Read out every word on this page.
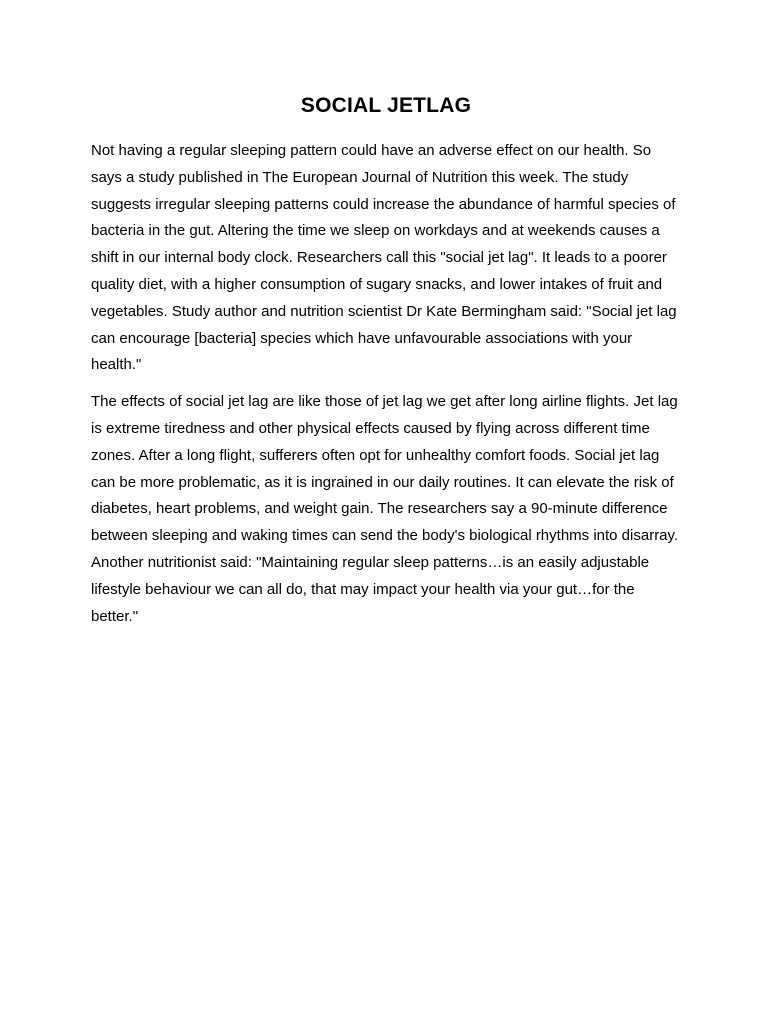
SOCIAL JETLAG

Not having a regular sleeping pattern could have an adverse effect on our health. So says a study published in The European Journal of Nutrition this week. The study suggests irregular sleeping patterns could increase the abundance of harmful species of bacteria in the gut. Altering the time we sleep on workdays and at weekends causes a shift in our internal body clock. Researchers call this "social jet lag". It leads to a poorer quality diet, with a higher consumption of sugary snacks, and lower intakes of fruit and vegetables. Study author and nutrition scientist Dr Kate Bermingham said: "Social jet lag can encourage [bacteria] species which have unfavourable associations with your health."

The effects of social jet lag are like those of jet lag we get after long airline flights. Jet lag is extreme tiredness and other physical effects caused by flying across different time zones. After a long flight, sufferers often opt for unhealthy comfort foods. Social jet lag can be more problematic, as it is ingrained in our daily routines. It can elevate the risk of diabetes, heart problems, and weight gain. The researchers say a 90-minute difference between sleeping and waking times can send the body's biological rhythms into disarray. Another nutritionist said: "Maintaining regular sleep patterns…is an easily adjustable lifestyle behaviour we can all do, that may impact your health via your gut…for the better."
